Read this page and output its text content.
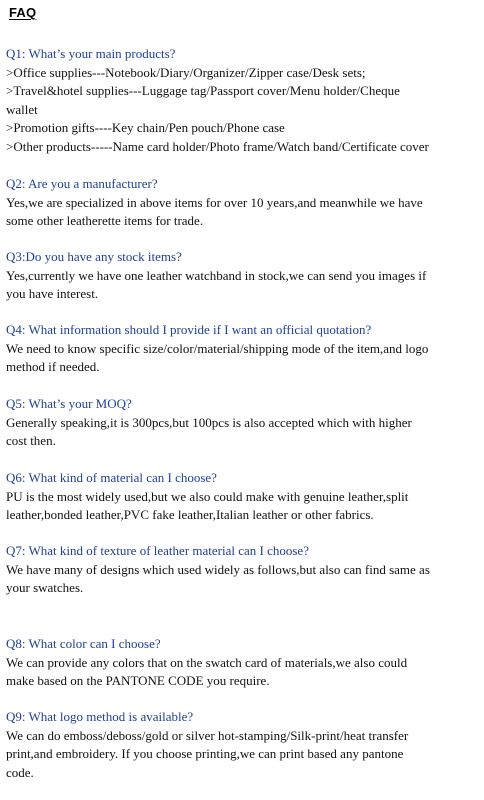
FAQ

Q1: What’s your main products?

>Office supplies---Notebook/Diary/Organizer/Zipper case/Desk sets;

>Travel&hotel supplies---Luggage tag/Passport cover/Menu holder/Cheque

wallet

>Promotion gifts----Key chain/Pen pouch/Phone case

>Other products-----Name card holder/Photo frame/Watch band/Certificate cover

Q2: Are you a manufacturer?

Yes,we are specialized in above items for over 10 years,and meanwhile we have

some other leatherette items for trade.

Q3:Do you have any stock items?

Yes,currently we have one leather watchband in stock,we can send you images if

you have interest.

Q4: What information should I provide if I want an official quotation?

We need to know specific size/color/material/shipping mode of the item,and logo

method if needed.

Q5: What’s your MOQ?

Generally speaking,it is 300pcs,but 100pcs is also accepted which with higher

cost then.

Q6: What kind of material can I choose?

PU is the most widely used,but we also could make with genuine leather,split

leather,bonded leather,PVC fake leather,Italian leather or other fabrics.

Q7: What kind of texture of leather material can I choose?

We have many of designs which used widely as follows,but also can find same as

your swatches.

Q8: What color can I choose?

We can provide any colors that on the swatch card of materials,we also could

make based on the PANTONE CODE you require.

Q9: What logo method is available?

We can do emboss/deboss/gold or silver hot-stamping/Silk-print/heat transfer

print,and embroidery. If you choose printing,we can print based any pantone

code.
